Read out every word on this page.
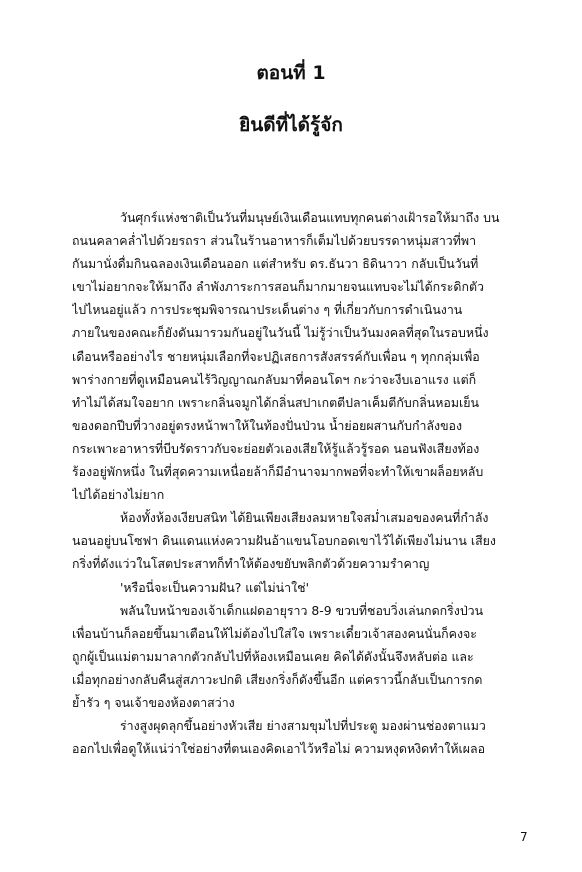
ตอนที่ 1
ยินดีที่ได้รู้จัก
วันศุกร์แห่งชาติเป็นวันที่มนุษย์เงินเดือนแทบทุกคนต่างเฝ้ารอให้มาถึง บน
ถนนคลาคล่ำไปด้วยรถรา ส่วนในร้านอาหารก็เต็มไปด้วยบรรดาหนุ่มสาวที่พา
กันมานั่งดื่มกินฉลองเงินเดือนออก แต่สำหรับ ดร.ธันวา ธิดินาวา กลับเป็นวันที่
เขาไม่อยากจะให้มาถึง ลำพังภาระการสอนก็มากมายจนแทบจะไม่ได้กระดิกตัว
ไปไหนอยู่แล้ว การประชุมพิจารณาประเด็นต่าง ๆ ที่เกี่ยวกับการดำเนินงาน
ภายในของคณะก็ยังดันมารวมกันอยู่ในวันนี้ ไม่รู้ว่าเป็นวันมงคลที่สุดในรอบหนึ่ง
เดือนหรืออย่างไร ชายหนุ่มเลือกที่จะปฏิเสธการสังสรรค์กับเพื่อน ๆ ทุกกลุ่มเพื่อ
พาร่างกายที่ดูเหมือนคนไร้วิญญาณกลับมาที่คอนโดฯ กะว่าจะงีบเอาแรง แต่ก็
ทำไม่ได้สมใจอยาก เพราะกลิ่นจมูกได้กลิ่นสปาเกตตีปลาเค็มตีกับกลิ่นหอมเย็น
ของดอกปีบที่วางอยู่ตรงหน้าพาให้ในท้องปั่นป่วน น้ำย่อยผสานกับกำลังของ
กระเพาะอาหารที่บีบรัดราวกับจะย่อยตัวเองเสียให้รู้แล้วรู้รอด นอนฟังเสียงท้อง
ร้องอยู่พักหนึ่ง ในที่สุดความเหนื่อยล้าก็มีอำนาจมากพอที่จะทำให้เขาผล็อยหลับ
ไปได้อย่างไม่ยาก
ห้องทั้งห้องเงียบสนิท ได้ยินเพียงเสียงลมหายใจสม่ำเสมอของคนที่กำลัง
นอนอยู่บนโซฟา ดินแดนแห่งความฝันอ้าแขนโอบกอดเขาไว้ได้เพียงไม่นาน เสียง
กริ่งที่ดังแว่วในโสตประสาทก็ทำให้ต้องขยับพลิกตัวด้วยความรำคาญ
'หรือนี่จะเป็นความฝัน? แต่ไม่น่าใช่'
พลันใบหน้าของเจ้าเด็กแฝดอายุราว 8-9 ขวบที่ชอบวิ่งเล่นกดกริ่งป่วน
เพื่อนบ้านก็ลอยขึ้นมาเตือนให้ไม่ต้องไปใส่ใจ เพราะเดี๋ยวเจ้าสองคนนั่นก็คงจะ
ถูกผู้เป็นแม่ตามมาลากตัวกลับไปที่ห้องเหมือนเคย คิดได้ดังนั้นจึงหลับต่อ และ
เมื่อทุกอย่างกลับคืนสู่สภาวะปกติ เสียงกริ่งก็ดังขึ้นอีก แต่คราวนี้กลับเป็นการกด
ย้ำรัว ๆ จนเจ้าของห้องตาสว่าง
ร่างสูงผุดลุกขึ้นอย่างหัวเสีย ย่างสามขุมไปที่ประตู มองผ่านช่องตาแมว
ออกไปเพื่อดูให้แน่ว่าใช่อย่างที่ตนเองคิดเอาไว้หรือไม่ ความหงุดหงิดทำให้เผลอ
7
